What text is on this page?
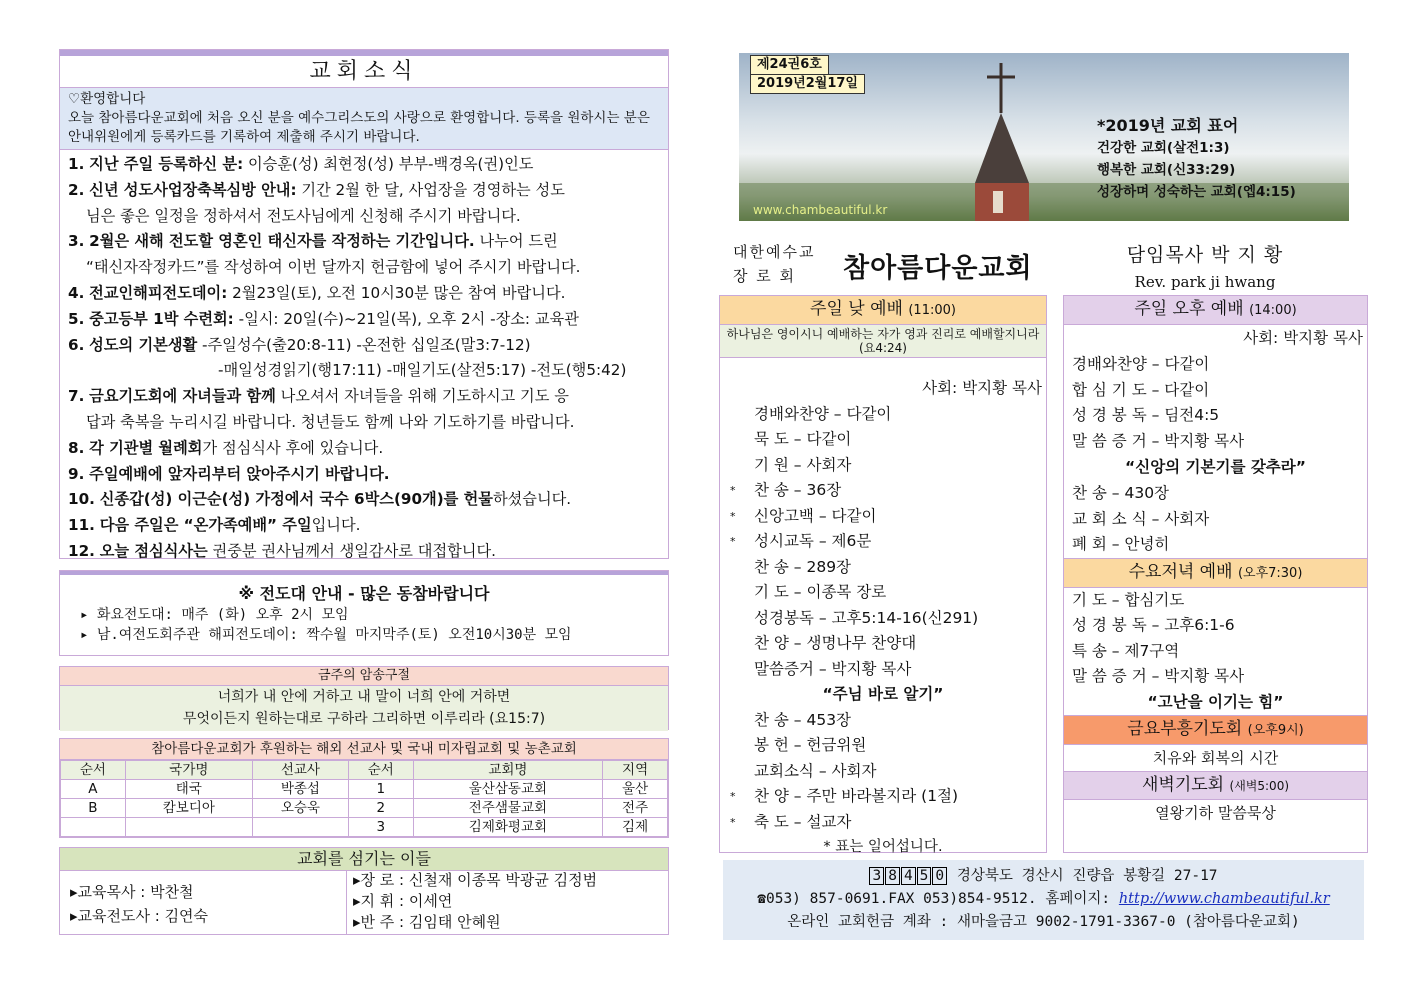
교회소식
♡환영합니다
오늘 참아름다운교회에 처음 오신 분을 예수그리스도의 사랑으로 환영합니다. 등록을 원하시는 분은 안내위원에게 등록카드를 기록하여 제출해 주시기 바랍니다.
1. 지난 주일 등록하신 분: 이승훈(성) 최현정(성) 부부-백경옥(권)인도
2. 신년 성도사업장축복심방 안내: 기간 2월 한 달, 사업장을 경영하는 성도
님은 좋은 일정을 정하셔서 전도사님에게 신청해 주시기 바랍니다.
3. 2월은 새해 전도할 영혼인 태신자를 작정하는 기간입니다. 나누어 드린
“태신자작정카드”를 작성하여 이번 달까지 헌금함에 넣어 주시기 바랍니다.
4. 전교인해피전도데이: 2월23일(토), 오전 10시30분 많은 참여 바랍니다.
5. 중고등부 1박 수련회: -일시: 20일(수)~21일(목), 오후 2시 -장소: 교육관
6. 성도의 기본생활 -주일성수(출20:8-11) -온전한 십일조(말3:7-12)
-매일성경읽기(행17:11) -매일기도(살전5:17) -전도(행5:42)
7. 금요기도회에 자녀들과 함께 나오셔서 자녀들을 위해 기도하시고 기도 응
답과 축복을 누리시길 바랍니다. 청년들도 함께 나와 기도하기를 바랍니다.
8. 각 기관별 월례회가 점심식사 후에 있습니다.
9. 주일예배에 앞자리부터 앉아주시기 바랍니다.
10. 신종갑(성) 이근순(성) 가정에서 국수 6박스(90개)를 헌물하셨습니다.
11. 다음 주일은 “온가족예배” 주일입니다.
12. 오늘 점심식사는 권중분 권사님께서 생일감사로 대접합니다.
※ 전도대 안내 - 많은 동참바랍니다

▸ 화요전도대: 매주 (화) 오후 2시 모임

▸ 남.여전도회주관 해피전도데이: 짝수월 마지막주(토) 오전10시30분 모임

금주의 암송구절
너희가 내 안에 거하고 내 말이 너희 안에 거하면
무엇이든지 원하는대로 구하라 그리하면 이루리라 (요15:7)
참아름다운교회가 후원하는 해외 선교사 및 국내 미자립교회 및 농촌교회
순서	국가명	선교사	순서	교회명	지역
A	태국	박종섭	1	울산삼동교회	울산
B	캄보디아	오승욱	2	전주샘물교회	전주
			3	김제화평교회	김제
교회를 섬기는 이들
▸교육목사 : 박찬철
▸교육전도사 : 김연숙
▸장 로 : 신철재 이종목 박광균 김정범
▸지 휘 : 이세연
▸반 주 : 김임태 안혜원
제24권6호
2019년2월17일
*2019년 교회 표어
건강한 교회(살전1:3)
행복한 교회(신33:29)
성장하며 성숙하는 교회(엡4:15)
www.chambeautiful.kr
대한예수교
장 로 회	참아름다운교회	담임목사 박 지 황
Rev. park ji hwang
주일 낮 예배 (11:00)
하나님은 영이시니 예배하는 자가 영과 진리로 예배할지니라(요4:24)
사회: 박지황 목사
경배와찬양 – 다같이
묵 도 – 다같이
기 원 – 사회자
* 찬 송 – 36장
* 신앙고백 – 다같이
* 성시교독 – 제6문
찬 송 – 289장
기 도 – 이종목 장로
성경봉독 – 고후5:14-16(신291)
찬 양 – 생명나무 찬양대
말씀증거 – 박지황 목사
“주님 바로 알기”
찬 송 – 453장
봉 헌 – 헌금위원
교회소식 – 사회자
* 찬 양 – 주만 바라볼지라 (1절)
* 축 도 – 설교자
* 표는 일어섭니다.
주일 오후 예배 (14:00)
사회: 박지황 목사
경배와찬양 – 다같이
합 심 기 도 – 다같이
성 경 봉 독 – 딤전4:5
말 씀 증 거 – 박지황 목사
“신앙의 기본기를 갖추라”
찬 송 – 430장
교 회 소 식 – 사회자
폐 회 – 안녕히
수요저녁 예배 (오후7:30)
기 도 – 합심기도
성 경 봉 독 – 고후6:1-6
특 송 – 제7구역
말 씀 증 거 – 박지황 목사
“고난을 이기는 힘”
금요부흥기도회 (오후9시)
치유와 회복의 시간
새벽기도회 (새벽5:00)
열왕기하 말씀묵상
3 8 4 5 0 경상북도 경산시 진량읍 봉황길 27-17
☎053) 857-0691.FAX 053)854-9512. 홈페이지: http://www.chambeautiful.kr
온라인 교회헌금 계좌 : 새마을금고 9002-1791-3367-0 (참아름다운교회)
